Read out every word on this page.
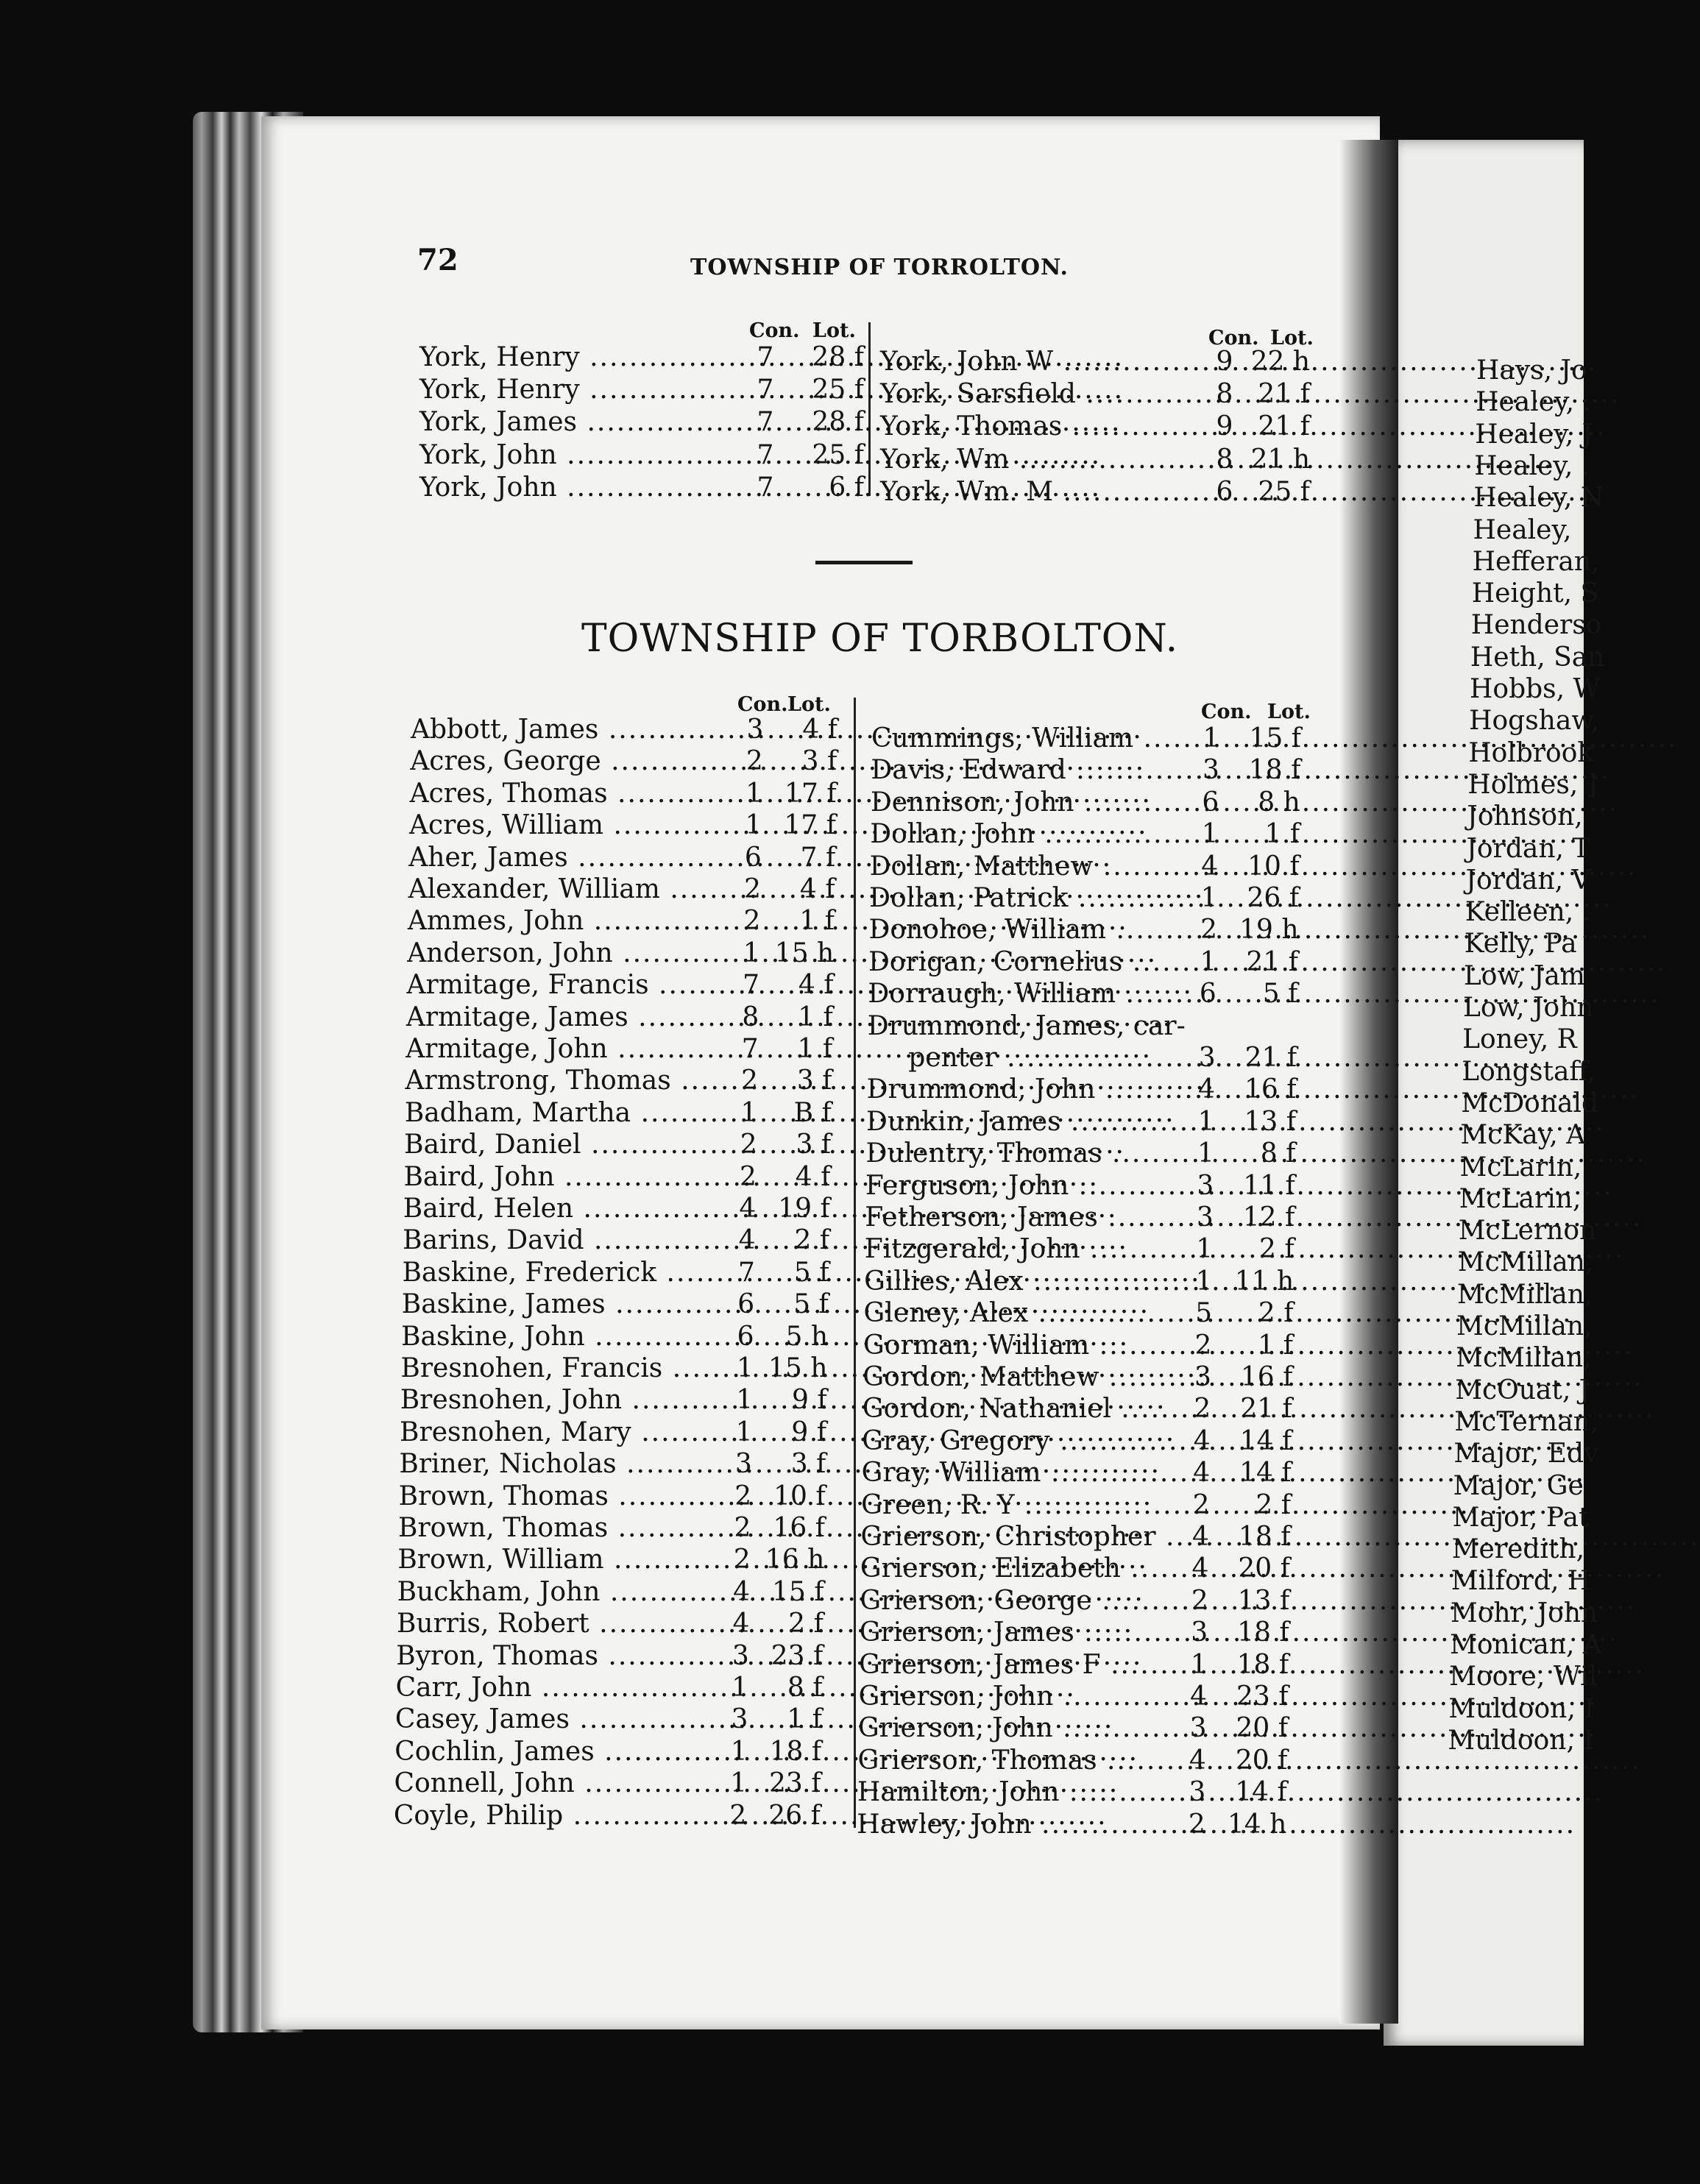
72	TOWNSHIP OF TORROLTON.
Con. Lot.	Con. Lot.
York, Henry .....	7	28 f
York, Henry .....	7	25 f
York, James .....	7	28 f
York, John .....	7	25 f
York, John .....	7	6 f
York, John W .....	9 22 h
York, Sarsfield .....	8 21 f
York, Thomas .....	9 21 f
York, Wm .....	8 21 h
York, Wm. M .....	6 25 f
TOWNSHIP OF TORBOLTON.
Con. Lot.	Con. Lot.
Abbott, James .....	3	4 f
Acres, George .....	2	3 f
Acres, Thomas .....	1 17 f
Acres, William .....	1 17 f
Aher, James .....	6	7 f
Alexander, William .....	2	4 f
Ammes, John .....	2	1 f
Anderson, John .....	1 15 h
Armitage, Francis .....	7	4 f
Armitage, James .....	8	1 f
Armitage, John .....	7	1 f
Armstrong, Thomas .....	2	3 f
Badham, Martha .....	1	B f
Baird, Daniel .....	2	3 f
Baird, John .....	2	4 f
Baird, Helen .....	4 19 f
Barins, David .....	4	2 f
Baskine, Frederick .....	7	5 f
Baskine, James .....	6	5 f
Baskine, John .....	6	5 h
Bresnohen, Francis .....	1 15 h
Bresnohen, John .....	1	9 f
Bresnohen, Mary .....	1	9 f
Briner, Nicholas .....	3	3 f
Brown, Thomas .....	2 10 f
Brown, Thomas .....	2 16 f
Brown, William .....	2 16 h
Buckham, John .....	4 15 f
Burris, Robert .....	4	2 f
Byron, Thomas .....	3 23 f
Carr, John .....	1	8 f
Casey, James .....	3	1 f
Cochlin, James .....	1 18 f
Connell, John .....	1 23 f
Coyle, Philip .....	2 26 f
Cummings, William .....	1	15 f
Davis, Edward .....	3	18 f
Dennison, John .....	6	8 h
Dollan, John .....	1	1 f
Dollan, Matthew .....	4	10 f
Dollan, Patrick .....	1	26 f
Donohoe, William .....	2 19 h
Dorigan, Cornelius .....	1	21 f
Dorraugh, William .....	6	5 f
Drummond, James, car-
penter .....	3	21 f
Drummond, John .....	4	16 f
Dunkin, James .....	1	13 f
Dulentry, Thomas .....	1	8 f
Ferguson, John .....	3	11 f
Fetherson, James .....	3	12 f
Fitzgerald, John .....	1	2 f
Gillies, Alex .....	1 11 h
Gleney, Alex .....	5	2 f
Gorman, William .....	2	1 f
Gordon, Matthew .....	3	16 f
Gordon, Nathaniel .....	2	21 f
Gray, Gregory .....	4	14 f
Gray, William .....	4	14 f
Green, R. Y .....	2	2 f
Grierson, Christopher ..... 4	18 f
Grierson, Elizabeth .....	4	20 f
Grierson, George .....	2	13 f
Grierson, James .....	3	18 f
Grierson, James F .....	1	18 f
Grierson, John .....	4	23 f
Grierson, John .....	3	20 f
Grierson, Thomas .....	4	20 f
Hamilton, John .....	3	14 f
Hawley, John .....	2 14 h
Hays, Jo
Healey, .
Healey, J
Healey, .
Healey, N
Healey,
Hefferan,
Height, S
Henderso
Heth, San
Hobbs, W
Hogshaw,
Holbrook
Holmes, ]
Johnson,
Jordan, T
Jordan, V
Kelleen, .
Kelly, Pa
Low, Jam
Low, John
Loney, R
Longstaff,
McDonald
McKay, A
McLarin,
McLarin,
McLernon
McMillan,
McMillan,
McMillan,
McMillan,
McOuat, J
McTernan,
Major, Edv
Major, Ge
Major, Pat
Meredith,
Milford, H
Mohr, John
Monican, A
Moore, Wil
Muldoon, I
Muldoon, I
